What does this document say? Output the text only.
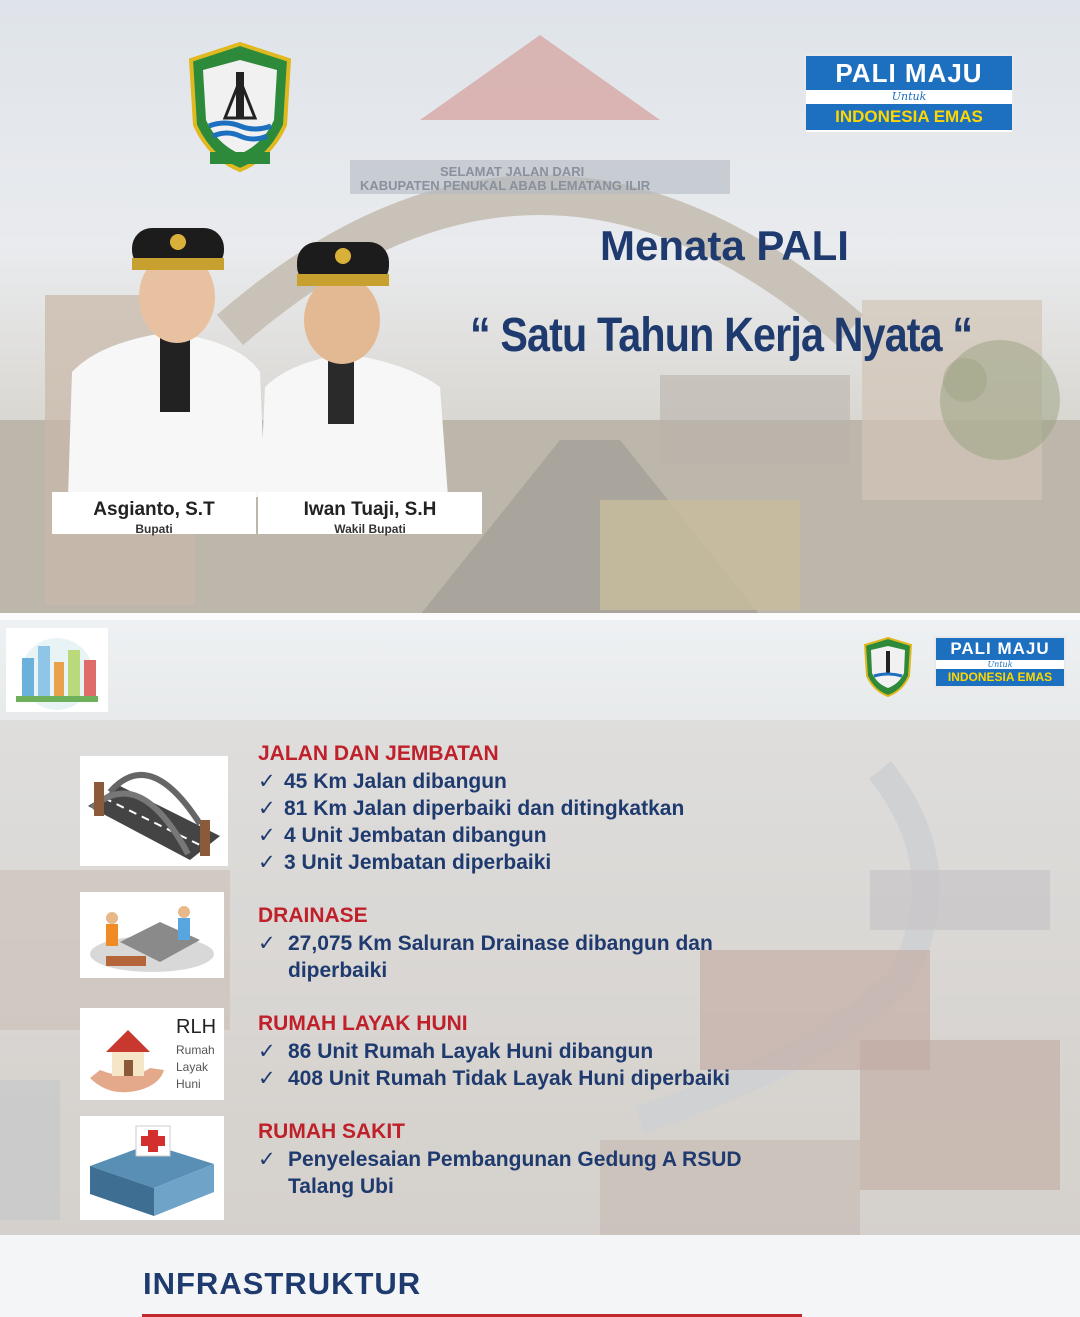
SELAMAT JALAN DARI
KABUPATEN PENUKAL ABAB LEMATANG ILIR
PALI MAJU
Untuk
INDONESIA EMAS
Menata PALI
“ Satu Tahun Kerja Nyata “
Asgianto, S.T
Bupati
Iwan Tuaji, S.H
Wakil Bupati
INFRASTRUKTUR
PALI MAJU
Untuk
INDONESIA EMAS
RLH
Rumah
Layak
Huni
JALAN DAN JEMBATAN
✓ 45 Km Jalan dibangun
✓ 81 Km Jalan diperbaiki dan ditingkatkan
✓ 4 Unit Jembatan dibangun
✓ 3 Unit Jembatan diperbaiki
DRAINASE
✓ 27,075 Km Saluran Drainase dibangun dan
diperbaiki
RUMAH LAYAK HUNI
✓ 86 Unit Rumah Layak Huni dibangun
✓ 408 Unit Rumah Tidak Layak Huni diperbaiki
RUMAH SAKIT
✓ Penyelesaian Pembangunan Gedung A RSUD
Talang Ubi
